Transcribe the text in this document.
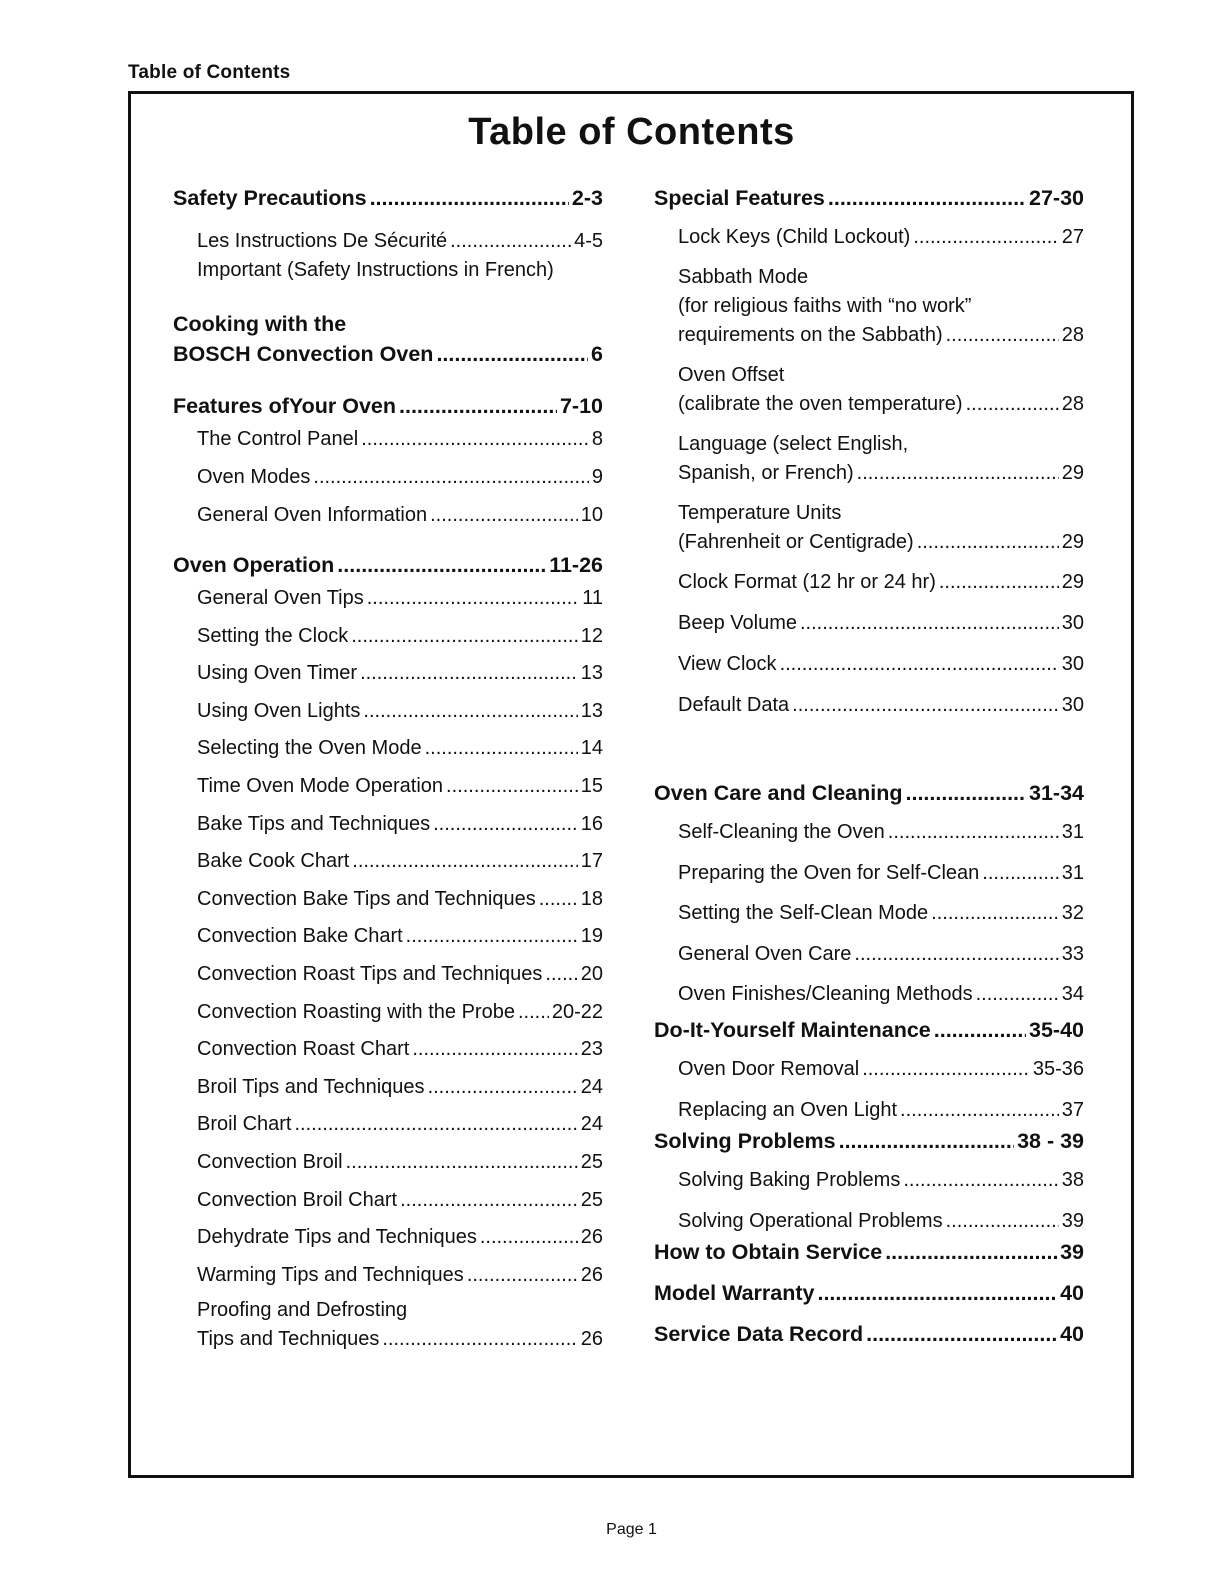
Table of Contents
Table of Contents
Safety Precautions .....	2-3
Les Instructions De Sécurité .....	4-5
Important (Safety Instructions in French)
Cooking with the
BOSCH Convection Oven .....	6
Features ofYour Oven .....	7-10
The Control Panel .....	8
Oven Modes .....	9
General Oven Information .....	10
Oven Operation .....	11-26
General Oven Tips .....	11
Setting the Clock .....	12
Using Oven Timer .....	13
Using Oven Lights .....	13
Selecting the Oven Mode .....	14
Time Oven Mode Operation .....	15
Bake Tips and Techniques .....	16
Bake Cook Chart .....	17
Convection Bake Tips and Techniques ..... 18
Convection Bake Chart .....	19
Convection Roast Tips and Techniques ..... 20
Convection Roasting with the Probe ..... 20-22
Convection Roast Chart .....	23
Broil Tips and Techniques .....	24
Broil Chart .....	24
Convection Broil .....	25
Convection Broil Chart .....	25
Dehydrate Tips and Techniques .....	26
Warming Tips and Techniques .....	26
Proofing and Defrosting
Tips and Techniques .....	26
Special Features .....	27-30
Lock Keys (Child Lockout) .....	27
Sabbath Mode
(for religious faiths with “no work”
requirements on the Sabbath) .....	28
Oven Offset
(calibrate the oven temperature) .....	28
Language (select English,
Spanish, or French) .....	29
Temperature Units
(Fahrenheit or Centigrade) .....	29
Clock Format (12 hr or 24 hr) .....	29
Beep Volume .....	30
View Clock .....	30
Default Data .....	30
Oven Care and Cleaning .....	31-34
Self-Cleaning the Oven .....	31
Preparing the Oven for Self-Clean .....	31
Setting the Self-Clean Mode .....	32
General Oven Care .....	33
Oven Finishes/Cleaning Methods .....	34
Do-It-Yourself Maintenance .....	35-40
Oven Door Removal .....	35-36
Replacing an Oven Light .....	37
Solving Problems .....	38 - 39
Solving Baking Problems .....	38
Solving Operational Problems .....	39
How to Obtain Service .....	39
Model Warranty .....	40
Service Data Record .....	40
Page 1
